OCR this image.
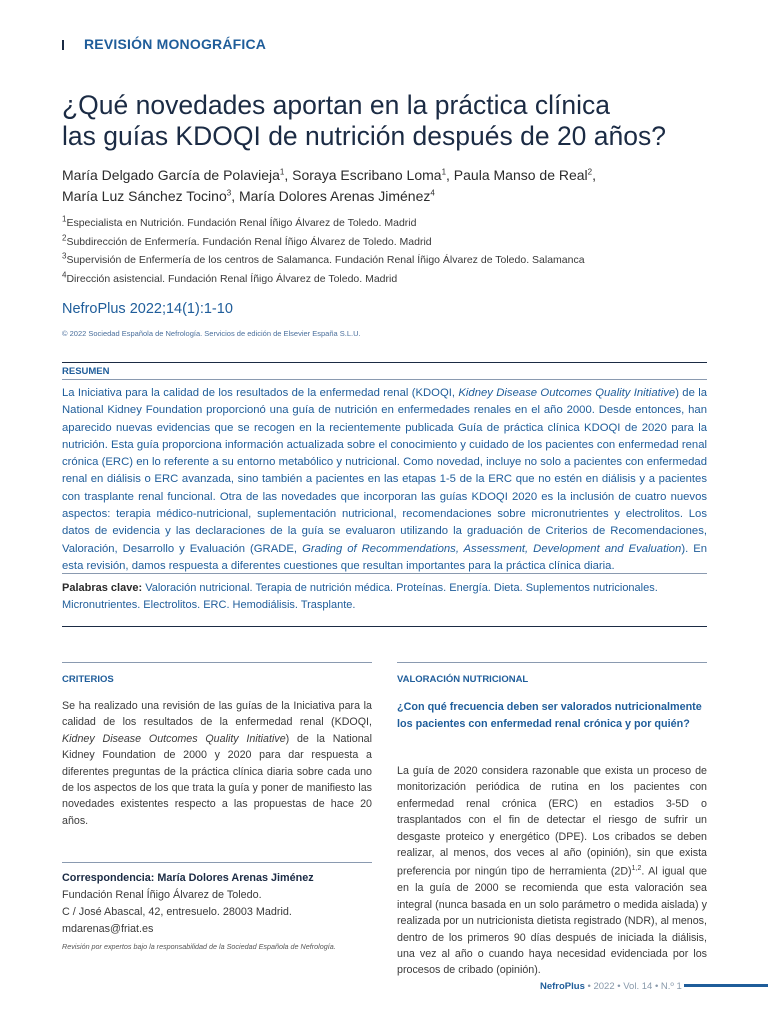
REVISIÓN MONOGRÁFICA
¿Qué novedades aportan en la práctica clínica
las guías KDOQI de nutrición después de 20 años?
María Delgado García de Polavieja$^1$, Soraya Escribano Loma$^1$, Paula Manso de Real$^2$,
María Luz Sánchez Tocino$^3$, María Dolores Arenas Jiménez$^4$
$^1$Especialista en Nutrición. Fundación Renal Íñigo Álvarez de Toledo. Madrid
$^2$Subdirección de Enfermería. Fundación Renal Íñigo Álvarez de Toledo. Madrid
$^3$Supervisión de Enfermería de los centros de Salamanca. Fundación Renal Íñigo Álvarez de Toledo. Salamanca
$^4$Dirección asistencial. Fundación Renal Íñigo Álvarez de Toledo. Madrid
NefroPlus 2022;14(1):1-10
© 2022 Sociedad Española de Nefrología. Servicios de edición de Elsevier España S.L.U.
RESUMEN
La Iniciativa para la calidad de los resultados de la enfermedad renal (KDOQI, Kidney Disease Outcomes Quality Initiative) de la National Kidney Foundation proporcionó una guía de nutrición en enfermedades renales en el año 2000. Desde entonces, han aparecido nuevas evidencias que se recogen en la recientemente publicada Guía de práctica clínica KDOQI de 2020 para la nutrición. Esta guía proporciona información actualizada sobre el conocimiento y cuidado de los pacientes con enfermedad renal crónica (ERC) en lo referente a su entorno metabólico y nutricional. Como novedad, incluye no solo a pacientes con enfermedad renal en diálisis o ERC avanzada, sino también a pacientes en las etapas 1-5 de la ERC que no estén en diálisis y a pacientes con trasplante renal funcional. Otra de las novedades que incorporan las guías KDOQI 2020 es la inclusión de cuatro nuevos aspectos: terapia médico-nutricional, suplementación nutricional, recomendaciones sobre micronutrientes y electrolitos. Los datos de evidencia y las declaraciones de la guía se evaluaron utilizando la graduación de Criterios de Recomendaciones, Valoración, Desarrollo y Evaluación (GRADE, Grading of Recommendations, Assessment, Development and Evaluation). En esta revisión, damos respuesta a diferentes cuestiones que resultan importantes para la práctica clínica diaria.
Palabras clave: Valoración nutricional. Terapia de nutrición médica. Proteínas. Energía. Dieta. Suplementos nutricionales. Micronutrientes. Electrolitos. ERC. Hemodiálisis. Trasplante.
CRITERIOS
Se ha realizado una revisión de las guías de la Iniciativa para la calidad de los resultados de la enfermedad renal (KDOQI, Kidney Disease Outcomes Quality Initiative) de la National Kidney Foundation de 2000 y 2020 para dar respuesta a diferentes preguntas de la práctica clínica diaria sobre cada uno de los aspectos de los que trata la guía y poner de manifiesto las novedades existentes respecto a las propuestas de hace 20 años.
Correspondencia: María Dolores Arenas Jiménez
Fundación Renal Íñigo Álvarez de Toledo.
C / José Abascal, 42, entresuelo. 28003 Madrid.
mdarenas@friat.es
Revisión por expertos bajo la responsabilidad de la Sociedad Española de Nefrología.
VALORACIÓN NUTRICIONAL
¿Con qué frecuencia deben ser valorados nutricionalmente los pacientes con enfermedad renal crónica y por quién?
La guía de 2020 considera razonable que exista un proceso de monitorización periódica de rutina en los pacientes con enfermedad renal crónica (ERC) en estadios 3-5D o trasplantados con el fin de detectar el riesgo de sufrir un desgaste proteico y energético (DPE). Los cribados se deben realizar, al menos, dos veces al año (opinión), sin que exista preferencia por ningún tipo de herramienta $(2D)^{1,2}$. Al igual que en la guía de 2000 se recomienda que esta valoración sea integral (nunca basada en un solo parámetro o medida aislada) y realizada por un nutricionista dietista registrado (NDR), al menos, dentro de los primeros 90 días después de iniciada la diálisis, una vez al año o cuando haya necesidad evidenciada por los procesos de cribado (opinión).
NefroPlus • 2022 • Vol. 14 • N.º 1
